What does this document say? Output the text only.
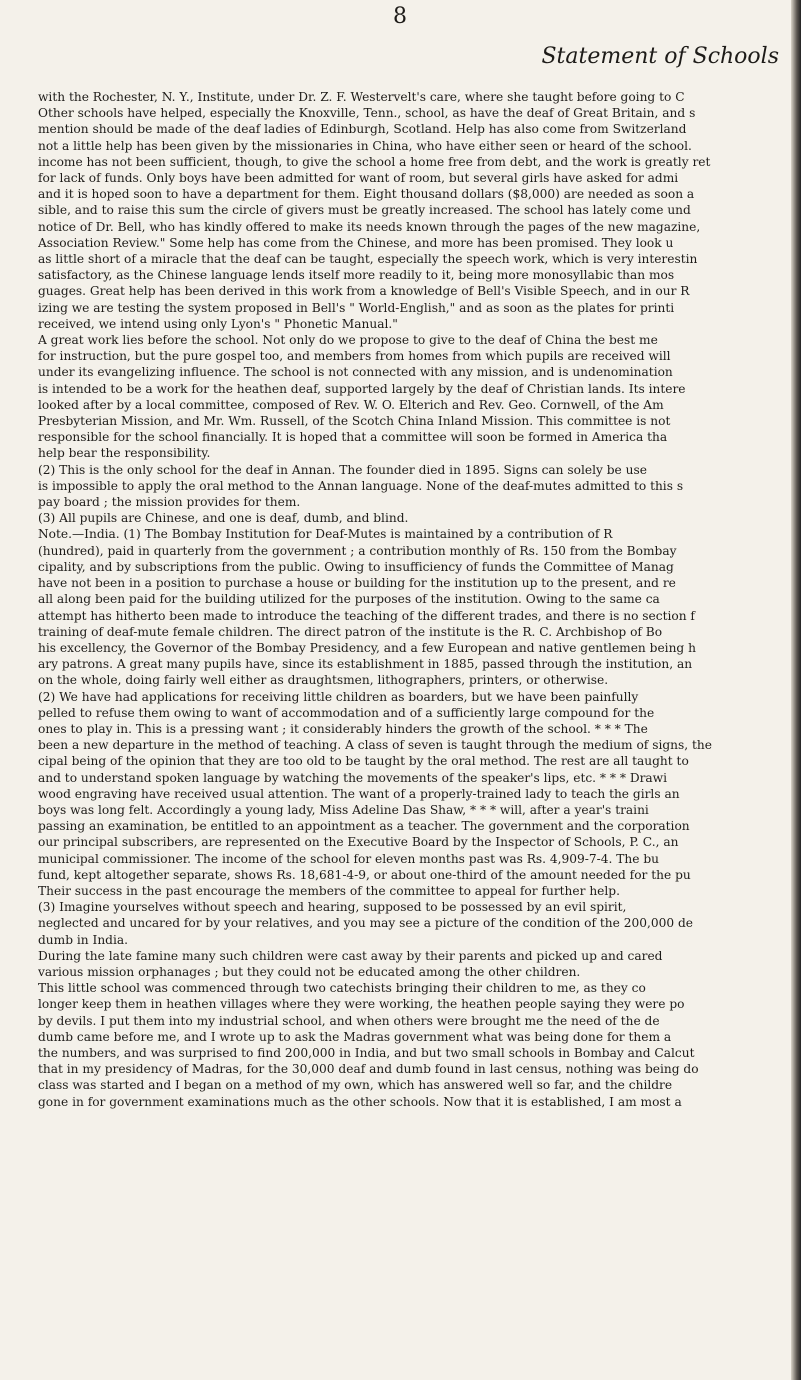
8
Statement of Schools
with the Rochester, N. Y., Institute, under Dr. Z. F. Westervelt's care, where she taught before going to C
Other schools have helped, especially the Knoxville, Tenn., school, as have the deaf of Great Britain, and s
mention should be made of the deaf ladies of Edinburgh, Scotland. Help has also come from Switzerland
not a little help has been given by the missionaries in China, who have either seen or heard of the school.
income has not been sufficient, though, to give the school a home free from debt, and the work is greatly ret
for lack of funds. Only boys have been admitted for want of room, but several girls have asked for admi
and it is hoped soon to have a department for them. Eight thousand dollars ($8,000) are needed as soon a
sible, and to raise this sum the circle of givers must be greatly increased. The school has lately come und
notice of Dr. Bell, who has kindly offered to make its needs known through the pages of the new magazine,
Association Review." Some help has come from the Chinese, and more has been promised. They look u
as little short of a miracle that the deaf can be taught, especially the speech work, which is very interestin
satisfactory, as the Chinese language lends itself more readily to it, being more monosyllabic than mos
guages. Great help has been derived in this work from a knowledge of Bell's Visible Speech, and in our R
izing we are testing the system proposed in Bell's " World-English," and as soon as the plates for printi
received, we intend using only Lyon's " Phonetic Manual."
A great work lies before the school. Not only do we propose to give to the deaf of China the best me
for instruction, but the pure gospel too, and members from homes from which pupils are received will
under its evangelizing influence. The school is not connected with any mission, and is undenomination
is intended to be a work for the heathen deaf, supported largely by the deaf of Christian lands. Its intere
looked after by a local committee, composed of Rev. W. O. Elterich and Rev. Geo. Cornwell, of the Am
Presbyterian Mission, and Mr. Wm. Russell, of the Scotch China Inland Mission. This committee is not
responsible for the school financially. It is hoped that a committee will soon be formed in America tha
help bear the responsibility.
(2) This is the only school for the deaf in Annan. The founder died in 1895. Signs can solely be use
is impossible to apply the oral method to the Annan language. None of the deaf-mutes admitted to this s
pay board ; the mission provides for them.
(3) All pupils are Chinese, and one is deaf, dumb, and blind.
Note.—India. (1) The Bombay Institution for Deaf-Mutes is maintained by a contribution of R
(hundred), paid in quarterly from the government ; a contribution monthly of Rs. 150 from the Bombay
cipality, and by subscriptions from the public. Owing to insufficiency of funds the Committee of Manag
have not been in a position to purchase a house or building for the institution up to the present, and re
all along been paid for the building utilized for the purposes of the institution. Owing to the same ca
attempt has hitherto been made to introduce the teaching of the different trades, and there is no section f
training of deaf-mute female children. The direct patron of the institute is the R. C. Archbishop of Bo
his excellency, the Governor of the Bombay Presidency, and a few European and native gentlemen being h
ary patrons. A great many pupils have, since its establishment in 1885, passed through the institution, an
on the whole, doing fairly well either as draughtsmen, lithographers, printers, or otherwise.
(2) We have had applications for receiving little children as boarders, but we have been painfully
pelled to refuse them owing to want of accommodation and of a sufficiently large compound for the
ones to play in. This is a pressing want ; it considerably hinders the growth of the school. * * * The
been a new departure in the method of teaching. A class of seven is taught through the medium of signs, the
cipal being of the opinion that they are too old to be taught by the oral method. The rest are all taught to
and to understand spoken language by watching the movements of the speaker's lips, etc. * * * Drawi
wood engraving have received usual attention. The want of a properly-trained lady to teach the girls an
boys was long felt. Accordingly a young lady, Miss Adeline Das Shaw, * * * will, after a year's traini
passing an examination, be entitled to an appointment as a teacher. The government and the corporation
our principal subscribers, are represented on the Executive Board by the Inspector of Schools, P. C., an
municipal commissioner. The income of the school for eleven months past was Rs. 4,909-7-4. The bu
fund, kept altogether separate, shows Rs. 18,681-4-9, or about one-third of the amount needed for the pu
Their success in the past encourage the members of the committee to appeal for further help.
(3) Imagine yourselves without speech and hearing, supposed to be possessed by an evil spirit,
neglected and uncared for by your relatives, and you may see a picture of the condition of the 200,000 de
dumb in India.
During the late famine many such children were cast away by their parents and picked up and cared
various mission orphanages ; but they could not be educated among the other children.
This little school was commenced through two catechists bringing their children to me, as they co
longer keep them in heathen villages where they were working, the heathen people saying they were po
by devils. I put them into my industrial school, and when others were brought me the need of the de
dumb came before me, and I wrote up to ask the Madras government what was being done for them a
the numbers, and was surprised to find 200,000 in India, and but two small schools in Bombay and Calcut
that in my presidency of Madras, for the 30,000 deaf and dumb found in last census, nothing was being do
class was started and I began on a method of my own, which has answered well so far, and the childre
gone in for government examinations much as the other schools. Now that it is established, I am most a
